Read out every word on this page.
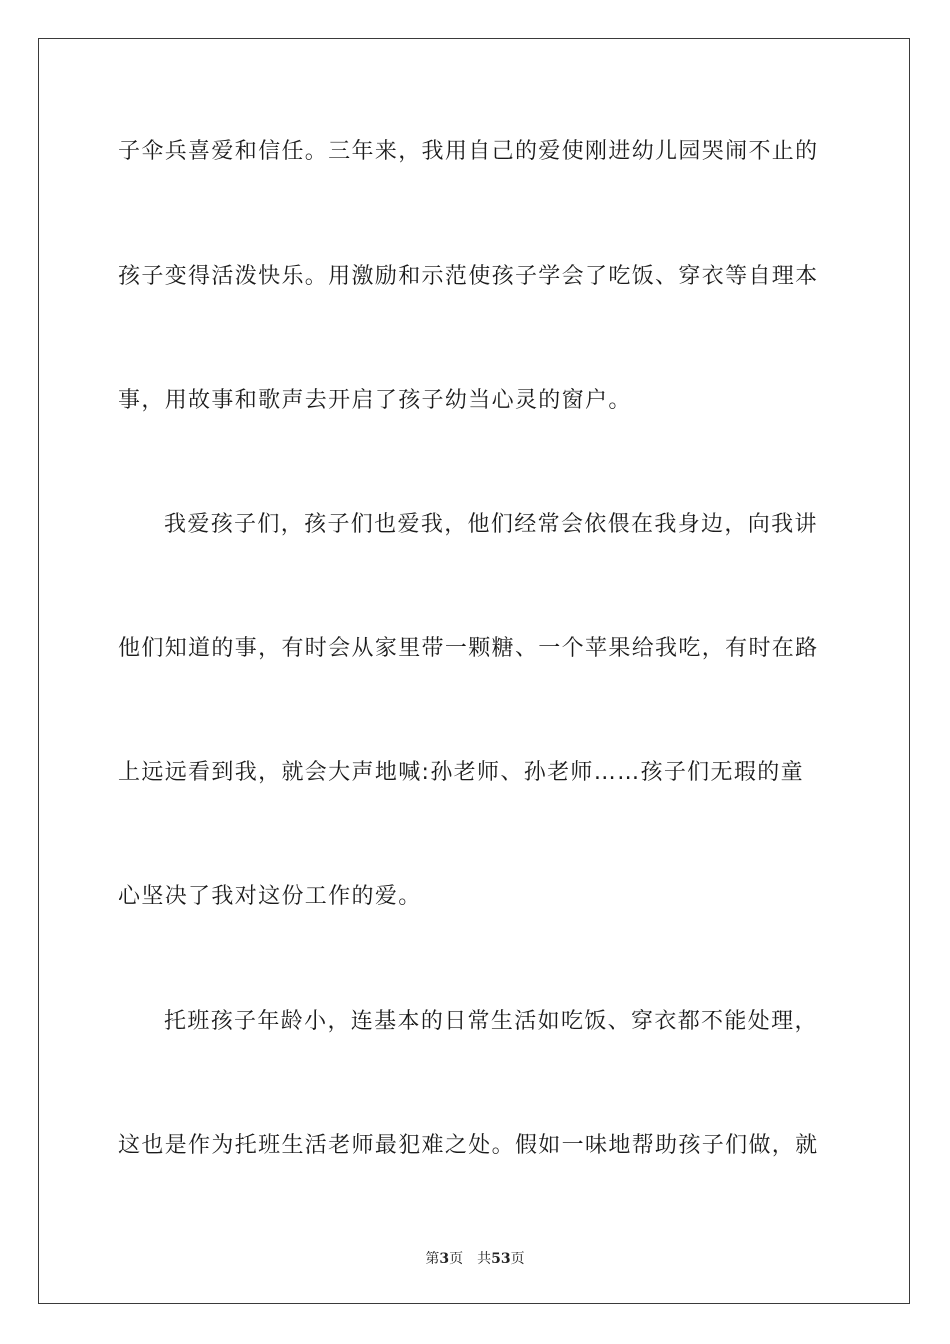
子伞兵喜爱和信任。三年来，我用自己的爱使刚进幼儿园哭闹不止的
孩子变得活泼快乐。用激励和示范使孩子学会了吃饭、穿衣等自理本
事，用故事和歌声去开启了孩子幼当心灵的窗户。
我爱孩子们，孩子们也爱我，他们经常会依偎在我身边，向我讲
他们知道的事，有时会从家里带一颗糖、一个苹果给我吃，有时在路
上远远看到我，就会大声地喊:孙老师、孙老师……孩子们无瑕的童
心坚决了我对这份工作的爱。
托班孩子年龄小，连基本的日常生活如吃饭、穿衣都不能处理，
这也是作为托班生活老师最犯难之处。假如一味地帮助孩子们做，就
第3页 共53页
